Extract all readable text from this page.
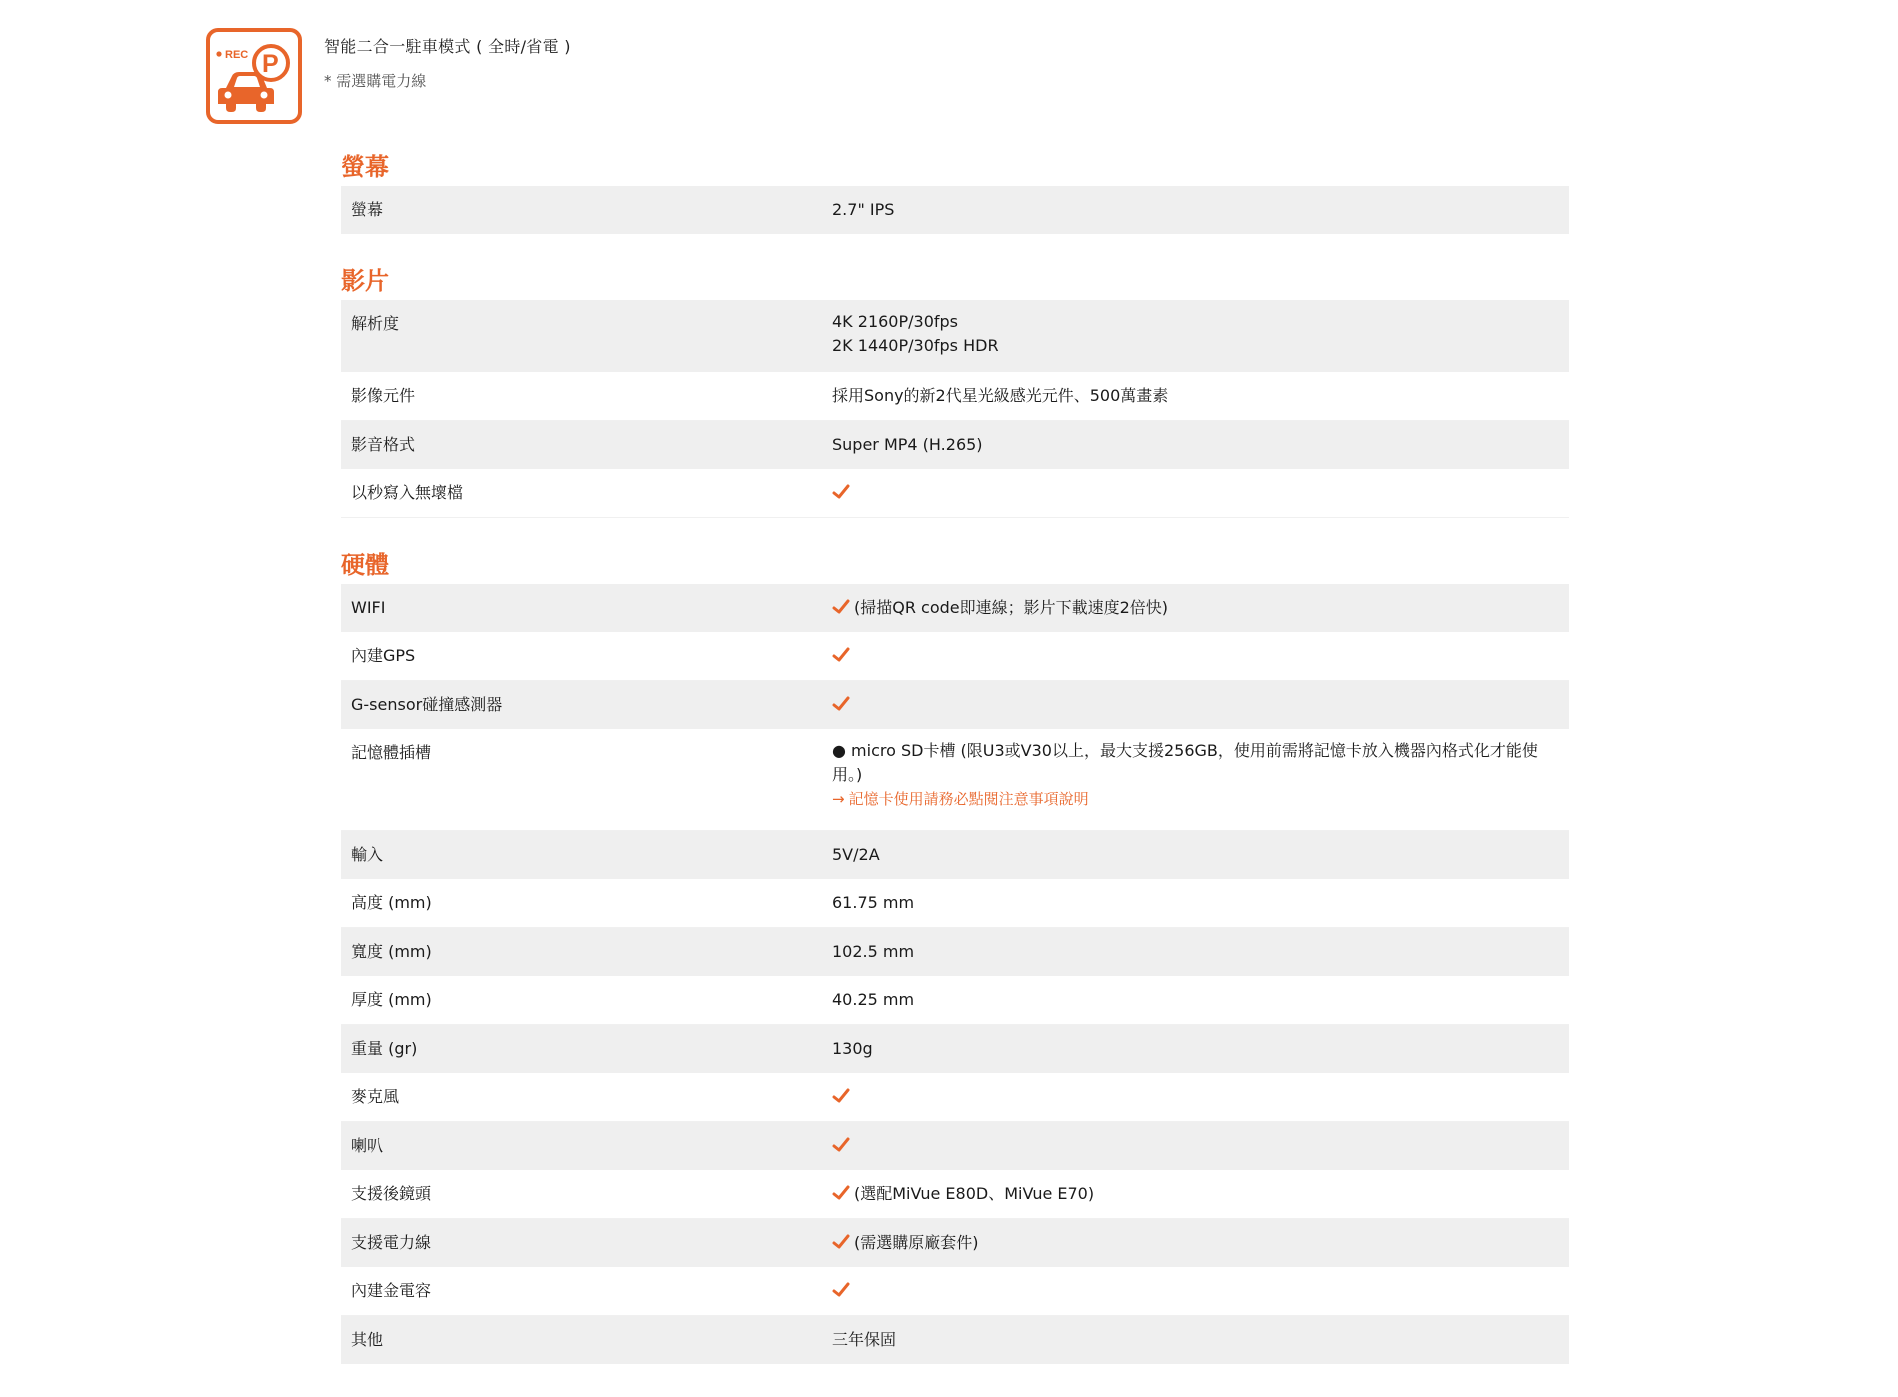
REC P
智能二合一駐車模式 ( 全時/省電 )
* 需選購電力線
螢幕
螢幕	2.7" IPS
影片
解析度	4K 2160P/30fps
2K 1440P/30fps HDR
影像元件	採用Sony的新2代星光級感光元件、500萬畫素
影音格式	Super MP4 (H.265)
以秒寫入無壞檔
硬體
WIFI	(掃描QR code即連線；影片下載速度2倍快)
內建GPS
G-sensor碰撞感測器
記憶體插槽	● micro SD卡槽 (限U3或V30以上，最大支援256GB，使用前需將記憶卡放入機器內格式化才能使用。)
→ 記憶卡使用請務必點閱注意事項說明
輸入	5V/2A
高度 (mm)	61.75 mm
寬度 (mm)	102.5 mm
厚度 (mm)	40.25 mm
重量 (gr)	130g
麥克風
喇叭
支援後鏡頭	(選配MiVue E80D、MiVue E70)
支援電力線	(需選購原廠套件)
內建金電容
其他	三年保固
